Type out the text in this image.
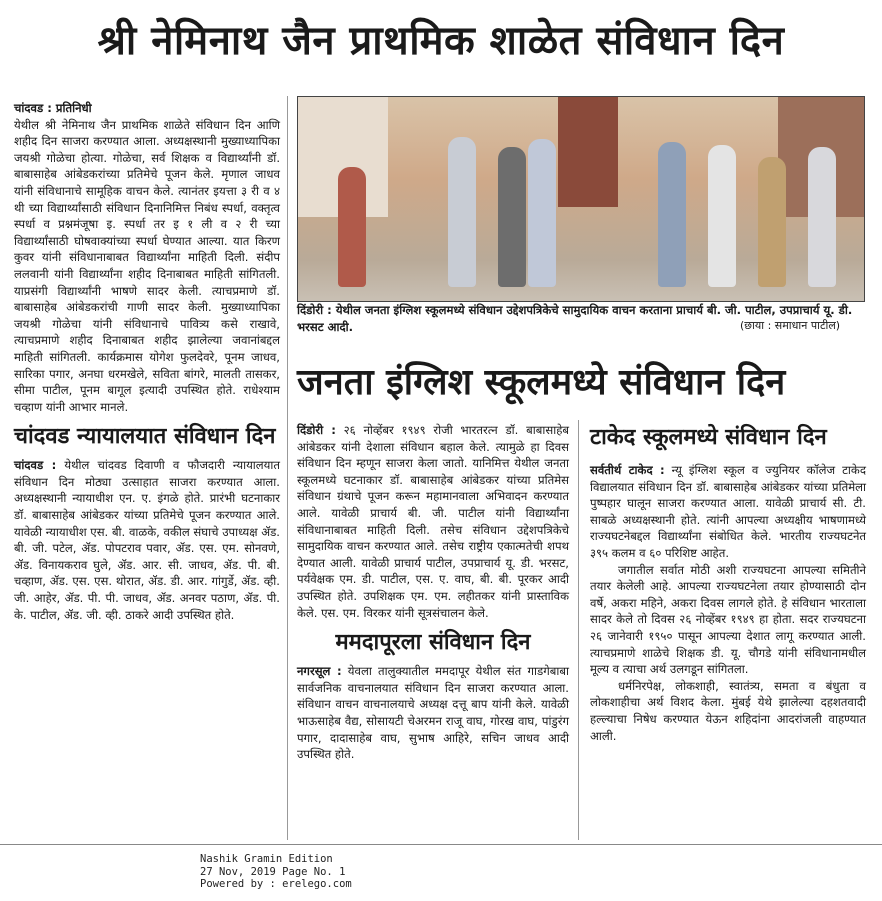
श्री नेमिनाथ जैन प्राथमिक शाळेत संविधान दिन

चांदवड : प्रतिनिधी

येथील श्री नेमिनाथ जैन प्राथमिक शाळेते संविधान दिन आणि शहीद दिन साजरा करण्यात आला. अध्यक्षस्थानी मुख्याध्यापिका जयश्री गोळेचा होत्या. गोळेचा, सर्व शिक्षक व विद्यार्थ्यांनी डॉ. बाबासाहेब आंबेडकरांच्या प्रतिमेचे पूजन केले. मृणाल जाधव यांनी संविधानाचे सामूहिक वाचन केले. त्यानंतर इयत्ता ३ री व ४ थी च्या विद्यार्थ्यांसाठी संविधान दिनानिमित्त निबंध स्पर्धा, वक्तृत्व स्पर्धा व प्रश्नमंजूषा इ. स्पर्धा तर इ १ ली व २ री च्या विद्यार्थ्यांसाठी घोषवाक्यांच्या स्पर्धा घेण्यात आल्या. यात किरण कुवर यांनी संविधानाबाबत विद्यार्थ्यांना माहिती दिली. संदीप ललवानी यांनी विद्यार्थ्यांना शहीद दिनाबाबत माहिती सांगितली. याप्रसंगी विद्यार्थ्यांनी भाषणे सादर केली. त्याचप्रमाणे डॉ. बाबासाहेब आंबेडकरांची गाणी सादर केली. मुख्याध्यापिका जयश्री गोळेचा यांनी संविधानाचे पावित्र्य कसे राखावे, त्याचप्रमाणे शहीद दिनाबाबत शहीद झालेल्या जवानांबद्दल माहिती सांगितली. कार्यक्रमास योगेश फुलदेवरे, पूनम जाधव, सारिका पगार, अनघा धरमखेले, सविता बांगरे, मालती तासकर, सीमा पाटील, पूनम बागूल इत्यादी उपस्थित होते. राधेश्याम चव्हाण यांनी आभार मानले.

चांदवड न्यायालयात संविधान दिन

चांदवड : येथील चांदवड दिवाणी व फौजदारी न्यायालयात संविधान दिन मोठ्या उत्साहात साजरा करण्यात आला. अध्यक्षस्थानी न्यायाधीश एन. ए. इंगळे होते. प्रारंभी घटनाकार डॉ. बाबासाहेब आंबेडकर यांच्या प्रतिमेचे पूजन करण्यात आले. यावेळी न्यायाधीश एस. बी. वाळके, वकील संघाचे उपाध्यक्ष ॲड. बी. जी. पटेल, ॲड. पोपटराव पवार, ॲड. एस. एम. सोनवणे, ॲड. विनायकराव घुले, ॲड. आर. सी. जाधव, ॲड. पी. बी. चव्हाण, ॲड. एस. एस. थोरात, ॲड. डी. आर. गांगुर्डे, ॲड. व्ही. जी. आहेर, ॲड. पी. पी. जाधव, ॲड. अनवर पठाण, ॲड. पी. के. पाटील, ॲड. जी. व्ही. ठाकरे आदी उपस्थित होते.

दिंडोरी : येथील जनता इंग्लिश स्कूलमध्ये संविधान उद्देशपत्रिकेचे सामुदायिक वाचन करताना प्राचार्य बी. जी. पाटील, उपप्राचार्य यू. डी. भरसट आदी.	(छाया : समाधान पाटील)
जनता इंग्लिश स्कूलमध्ये संविधान दिन

दिंडोरी : २६ नोव्हेंबर १९४९ रोजी भारतरत्न डॉ. बाबासाहेब आंबेडकर यांनी देशाला संविधान बहाल केले. त्यामुळे हा दिवस संविधान दिन म्हणून साजरा केला जातो. यानिमित्त येथील जनता स्कूलमध्ये घटनाकार डॉ. बाबासाहेब आंबेडकर यांच्या प्रतिमेस संविधान ग्रंथाचे पूजन करून महामानवाला अभिवादन करण्यात आले. यावेळी प्राचार्य बी. जी. पाटील यांनी विद्यार्थ्यांना संविधानाबाबत माहिती दिली. तसेच संविधान उद्देशपत्रिकेचे सामुदायिक वाचन करण्यात आले. तसेच राष्ट्रीय एकात्मतेची शपथ देण्यात आली. यावेळी प्राचार्य पाटील, उपप्राचार्य यू. डी. भरसट, पर्यवेक्षक एम. डी. पाटील, एस. ए. वाघ, बी. बी. पूरकर आदी उपस्थित होते. उपशिक्षक एम. एम. लहीतकर यांनी प्रास्ताविक केले. एस. एम. विरकर यांनी सूत्रसंचालन केले.

ममदापूरला संविधान दिन

नगरसूल : येवला तालुक्यातील ममदापूर येथील संत गाडगेबाबा सार्वजनिक वाचनालयात संविधान दिन साजरा करण्यात आला. संविधान वाचन वाचनालयाचे अध्यक्ष दत्तू बाप यांनी केले. यावेळी भाऊसाहेब वैद्य, सोसायटी चेअरमन राजू वाघ, गोरख वाघ, पांडुरंग पगार, दादासाहेब वाघ, सुभाष आहिरे, सचिन जाधव आदी उपस्थित होते.

टाकेद स्कूलमध्ये संविधान दिन

सर्वतीर्थ टाकेद : न्यू इंग्लिश स्कूल व ज्युनियर कॉलेज टाकेद विद्यालयात संविधान दिन डॉ. बाबासाहेब आंबेडकर यांच्या प्रतिमेला पुष्पहार घालून साजरा करण्यात आला. यावेळी प्राचार्य सी. टी. साबळे अध्यक्षस्थानी होते. त्यांनी आपल्या अध्यक्षीय भाषणामध्ये राज्यघटनेबद्दल विद्यार्थ्यांना संबोधित केले. भारतीय राज्यघटनेत ३९५ कलम व ६० परिशिष्ट आहेत.

जगातील सर्वात मोठी अशी राज्यघटना आपल्या समितीने तयार केलेली आहे. आपल्या राज्यघटनेला तयार होण्यासाठी दोन वर्षे, अकरा महिने, अकरा दिवस लागले होते. हे संविधान भारताला सादर केले तो दिवस २६ नोव्हेंबर १९४९ हा होता. सदर राज्यघटना २६ जानेवारी १९५० पासून आपल्या देशात लागू करण्यात आली. त्याचप्रमाणे शाळेचे शिक्षक डी. यू. चौगडे यांनी संविधानामधील मूल्य व त्याचा अर्थ उलगडून सांगितला.

धर्मनिरपेक्ष, लोकशाही, स्वातंत्र्य, समता व बंधुता व लोकशाहीचा अर्थ विशद केला. मुंबई येथे झालेल्या दहशतवादी हल्ल्याचा निषेध करण्यात येऊन शहिदांना आदरांजली वाहण्यात आली.

Nashik Gramin Edition
27 Nov, 2019 Page No. 1
Powered by : erelego.com
